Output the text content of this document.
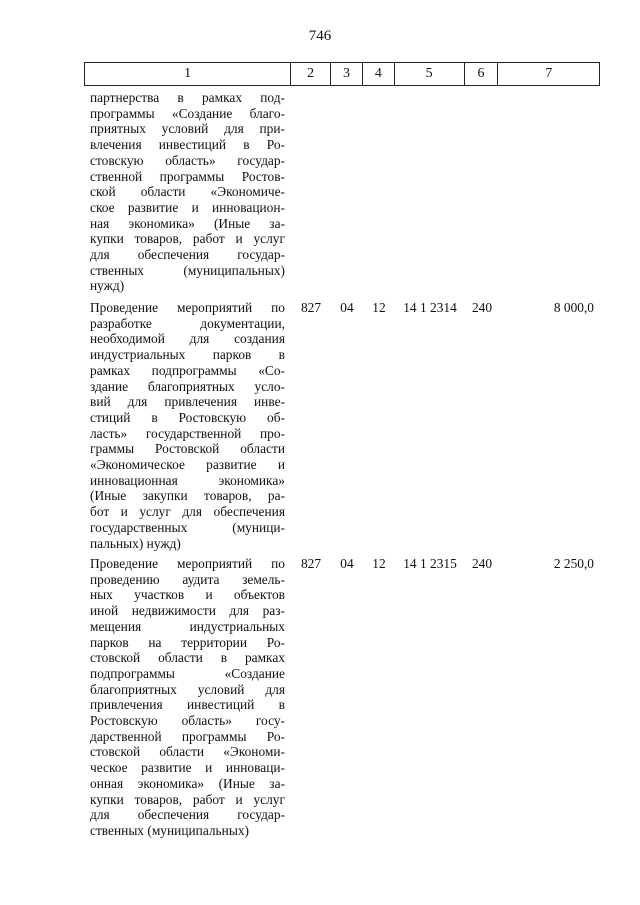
746
1	2	3	4	5	6	7
партнерства в рамках под-
программы «Создание благо-
приятных условий для при-
влечения инвестиций в Ро-
стовскую область» государ-
ственной программы Ростов-
ской области «Экономиче-
ское развитие и инновацион-
ная экономика» (Иные за-
купки товаров, работ и услуг
для обеспечения государ-
ственных (муниципальных)
нужд)
Проведение мероприятий по
разработке документации,
необходимой для создания
индустриальных парков в
рамках подпрограммы «Со-
здание благоприятных усло-
вий для привлечения инве-
стиций в Ростовскую об-
ласть» государственной про-
граммы Ростовской области
«Экономическое развитие и
инновационная экономика»
(Иные закупки товаров, ра-
бот и услуг для обеспечения
государственных (муници-
пальных) нужд)
827	04	12	14 1 2314	240	8 000,0
Проведение мероприятий по
проведению аудита земель-
ных участков и объектов
иной недвижимости для раз-
мещения индустриальных
парков на территории Ро-
стовской области в рамках
подпрограммы «Создание
благоприятных условий для
привлечения инвестиций в
Ростовскую область» госу-
дарственной программы Ро-
стовской области «Экономи-
ческое развитие и инноваци-
онная экономика» (Иные за-
купки товаров, работ и услуг
для обеспечения государ-
ственных (муниципальных)
827	04	12	14 1 2315	240	2 250,0
